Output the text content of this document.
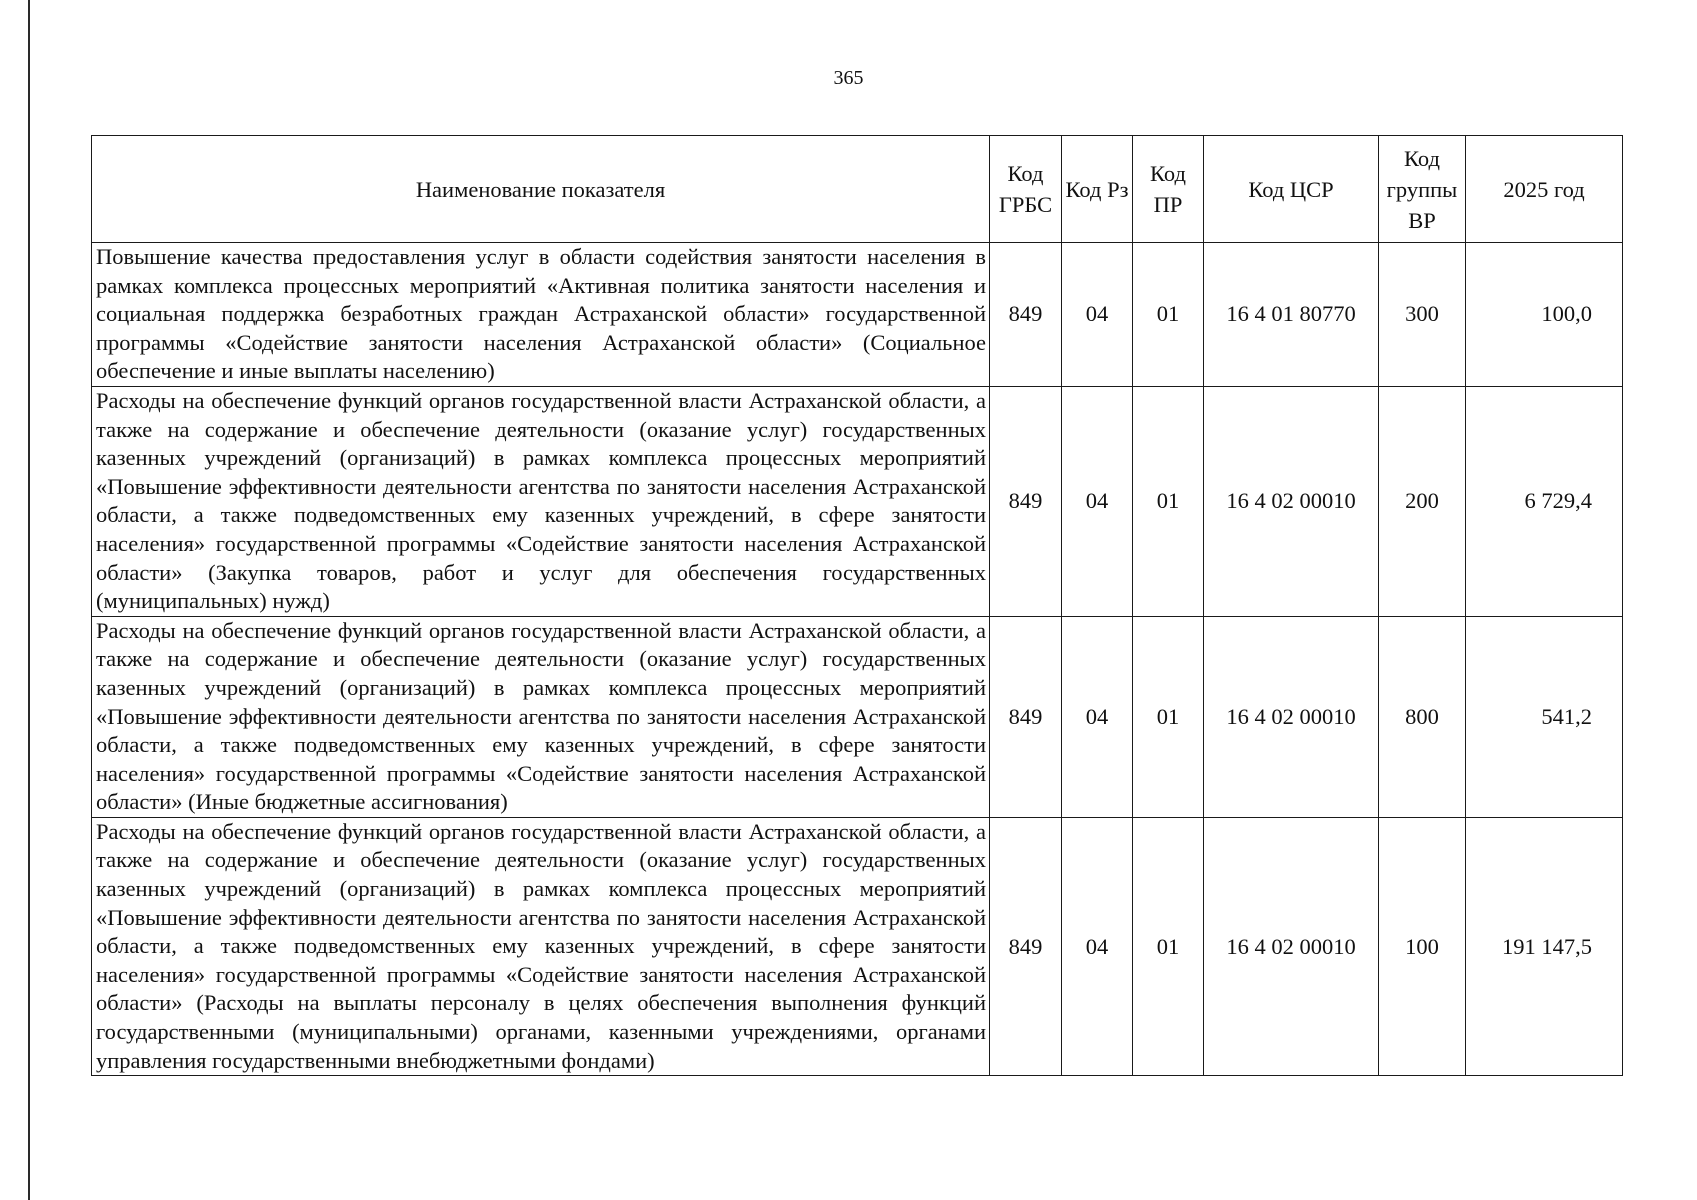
365
Наименование показателя	Код ГРБС	Код Рз	Код ПР	Код ЦСР	Код группы ВР	2025 год
Повышение качества предоставления услуг в области содействия занятости населения в рамках комплекса процессных мероприятий «Активная политика занятости населения и социальная поддержка безработных граждан Астраханской области» государственной программы «Содействие занятости населения Астраханской области» (Социальное обеспечение и иные выплаты населению)	849	04	01	16 4 01 80770	300	100,0
Расходы на обеспечение функций органов государственной власти Астраханской области, а также на содержание и обеспечение деятельности (оказание услуг) государственных казенных учреждений (организаций) в рамках комплекса процессных мероприятий «Повышение эффективности деятельности агентства по занятости населения Астраханской области, а также подведомственных ему казенных учреждений, в сфере занятости населения» государственной программы «Содействие занятости населения Астраханской области» (Закупка товаров, работ и услуг для обеспечения государственных (муниципальных) нужд)	849	04	01	16 4 02 00010	200	6 729,4
Расходы на обеспечение функций органов государственной власти Астраханской области, а также на содержание и обеспечение деятельности (оказание услуг) государственных казенных учреждений (организаций) в рамках комплекса процессных мероприятий «Повышение эффективности деятельности агентства по занятости населения Астраханской области, а также подведомственных ему казенных учреждений, в сфере занятости населения» государственной программы «Содействие занятости населения Астраханской области» (Иные бюджетные ассигнования)	849	04	01	16 4 02 00010	800	541,2
Расходы на обеспечение функций органов государственной власти Астраханской области, а также на содержание и обеспечение деятельности (оказание услуг) государственных казенных учреждений (организаций) в рамках комплекса процессных мероприятий «Повышение эффективности деятельности агентства по занятости населения Астраханской области, а также подведомственных ему казенных учреждений, в сфере занятости населения» государственной программы «Содействие занятости населения Астраханской области» (Расходы на выплаты персоналу в целях обеспечения выполнения функций государственными (муниципальными) органами, казенными учреждениями, органами управления государственными внебюджетными фондами)	849	04	01	16 4 02 00010	100	191 147,5
